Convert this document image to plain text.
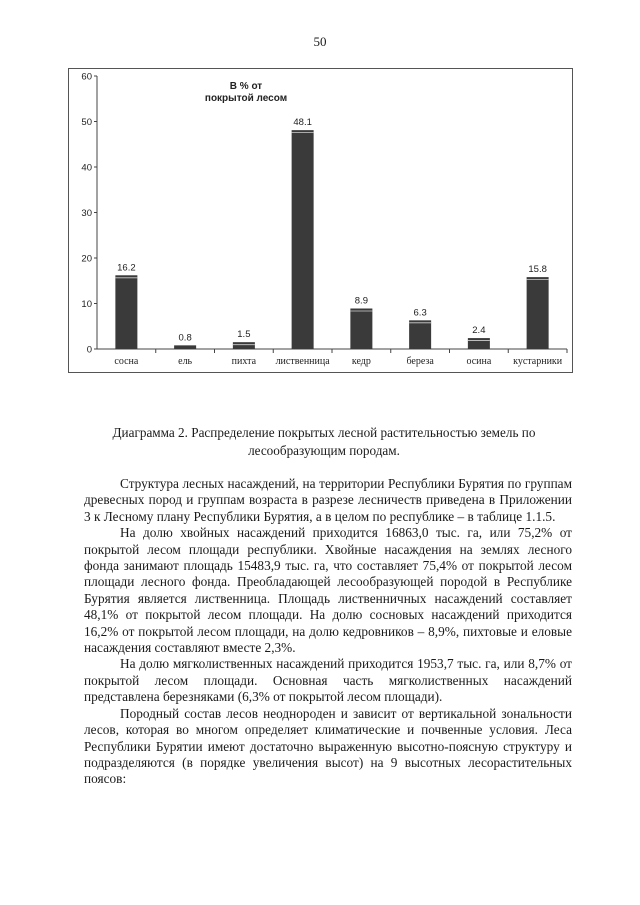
50
В % от покрытой лесом
0
10
20
30
40
50
60
16.2
сосна
0.8
ель
1.5
пихта
48.1
лиственница
8.9
кедр
6.3
береза
2.4
осина
15.8
кустарники
Диаграмма 2. Распределение покрытых лесной растительностью земель по лесообразующим породам.

Структура лесных насаждений, на территории Республики Бурятия по группам древесных пород и группам возраста в разрезе лесничеств приведена в Приложении 3 к Лесному плану Республики Бурятия, а в целом по республике – в таблице 1.1.5.

На долю хвойных насаждений приходится 16863,0 тыс. га, или 75,2% от покрытой лесом площади республики. Хвойные насаждения на землях лесного фонда занимают площадь 15483,9 тыс. га, что составляет 75,4% от покрытой лесом площади лесного фонда. Преобладающей лесообразующей породой в Республике Бурятия является лиственница. Площадь лиственничных насаждений составляет 48,1% от покрытой лесом площади. На долю сосновых насаждений приходится 16,2% от покрытой лесом площади, на долю кедровников – 8,9%, пихтовые и еловые насаждения составляют вместе 2,3%.

На долю мягколиственных насаждений приходится 1953,7 тыс. га, или 8,7% от покрытой лесом площади. Основная часть мягколиственных насаждений представлена березняками (6,3% от покрытой лесом площади).

Породный состав лесов неоднороден и зависит от вертикальной зональности лесов, которая во многом определяет климатические и почвенные условия. Леса Республики Бурятии имеют достаточно выраженную высотно-поясную структуру и подразделяются (в порядке увеличения высот) на 9 высотных лесорастительных поясов:
